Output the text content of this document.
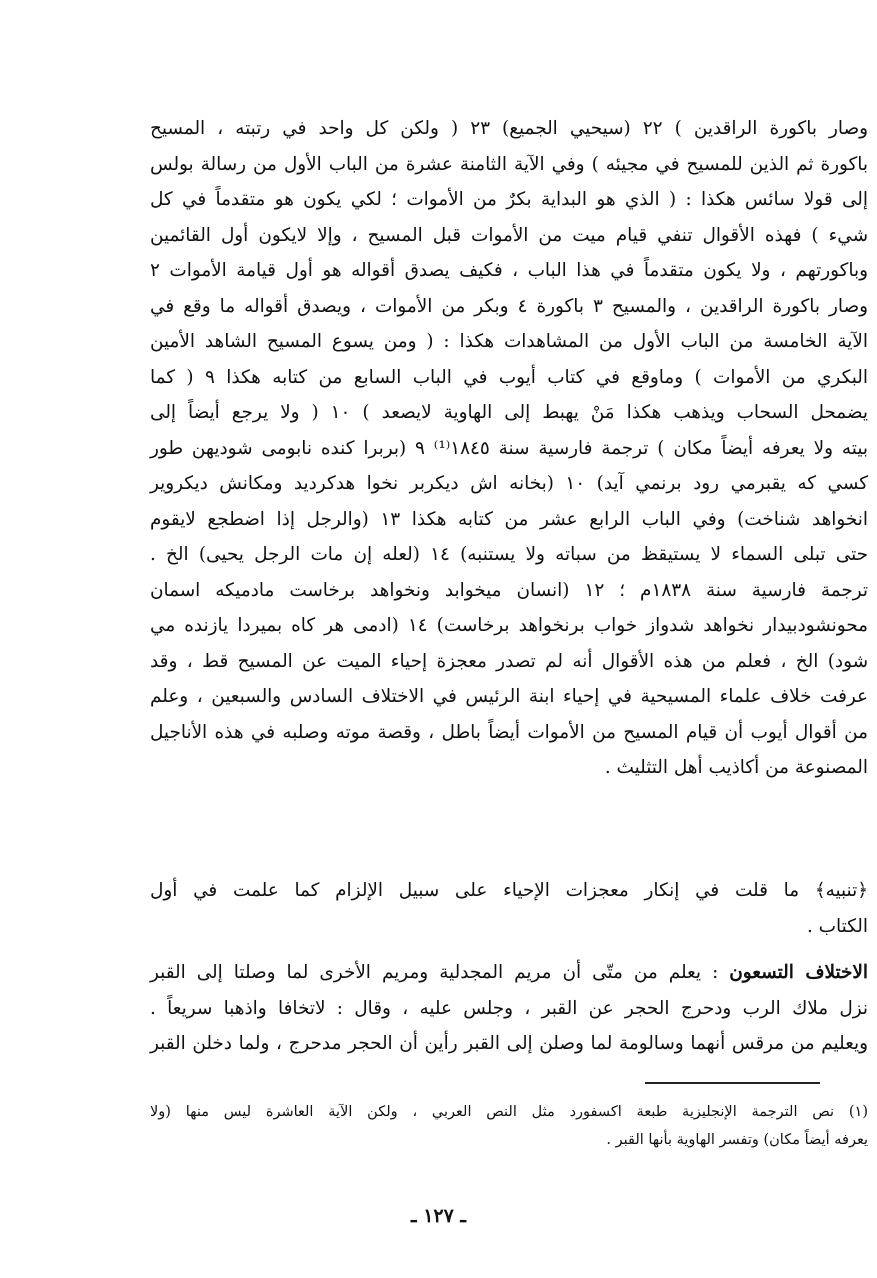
وصار باكورة الراقدين ) ٢٢ (سيحيي الجميع) ٢٣ ( ولكن كل واحد في رتبته ، المسيح
باكورة ثم الذين للمسيح في مجيئه ) وفي الآية الثامنة عشرة من الباب الأول من رسالة بولس
إلى قولا سائس هكذا : ( الذي هو البداية بكرٌ من الأموات ؛ لكي يكون هو متقدماً في كل
شيء ) فهذه الأقوال تنفي قيام ميت من الأموات قبل المسيح ، وإلا لايكون أول القائمين
وباكورتهم ، ولا يكون متقدماً في هذا الباب ، فكيف يصدق أقواله هو أول قيامة الأموات ٢
وصار باكورة الراقدين ، والمسيح ٣ باكورة ٤ وبكر من الأموات ، ويصدق أقواله ما وقع في
الآية الخامسة من الباب الأول من المشاهدات هكذا : ( ومن يسوع المسيح الشاهد الأمين
البكري من الأموات ) وماوقع في كتاب أيوب في الباب السابع من كتابه هكذا ٩ ( كما
يضمحل السحاب ويذهب هكذا مَنْ يهبط إلى الهاوية لايصعد ) ١٠ ( ولا يرجع أيضاً إلى
بيته ولا يعرفه أيضاً مكان ) ترجمة فارسية سنة ١٨٤٥⁽¹⁾ ٩ (بربرا كنده نابومى شوديهن طور
كسي كه يقبرمي رود برنمي آيد) ١٠ (بخانه اش ديكربر نخوا هدكرديد ومكانش ديكروير
انخواهد شناخت) وفي الباب الرابع عشر من كتابه هكذا ١٣ (والرجل إذا اضطجع لايقوم
حتى تبلى السماء لا يستيقظ من سباته ولا يستنبه) ١٤ (لعله إن مات الرجل يحيى) الخ .
ترجمة فارسية سنة ١٨٣٨م ؛ ١٢ (انسان ميخوابد ونخواهد برخاست مادميكه اسمان
محونشودبيدار نخواهد شدواز خواب برنخواهد برخاست) ١٤ (ادمى هر كاه بميردا يازنده مي
شود) الخ ، فعلم من هذه الأقوال أنه لم تصدر معجزة إحياء الميت عن المسيح قط ، وقد
عرفت خلاف علماء المسيحية في إحياء ابنة الرئيس في الاختلاف السادس والسبعين ، وعلم
من أقوال أيوب أن قيام المسيح من الأموات أيضاً باطل ، وقصة موته وصلبه في هذه الأناجيل
المصنوعة من أكاذيب أهل التثليث .
﴿تنبيه﴾ ما قلت في إنكار معجزات الإحياء على سبيل الإلزام كما علمت في أول
الكتاب .
الاختلاف التسعون : يعلم من متّى أن مريم المجدلية ومريم الأخرى لما وصلتا إلى القبر
نزل ملاك الرب ودحرج الحجر عن القبر ، وجلس عليه ، وقال : لاتخافا واذهبا سريعاً .
ويعليم من مرقس أنهما وسالومة لما وصلن إلى القبر رأين أن الحجر مدحرج ، ولما دخلن القبر
(١) نص الترجمة الإنجليزية طبعة اكسفورد مثل النص العربي ، ولكن الآية العاشرة ليس منها (ولا
يعرفه أيضاً مكان) وتفسر الهاوية بأنها القبر .
ـ ١٢٧ ـ
